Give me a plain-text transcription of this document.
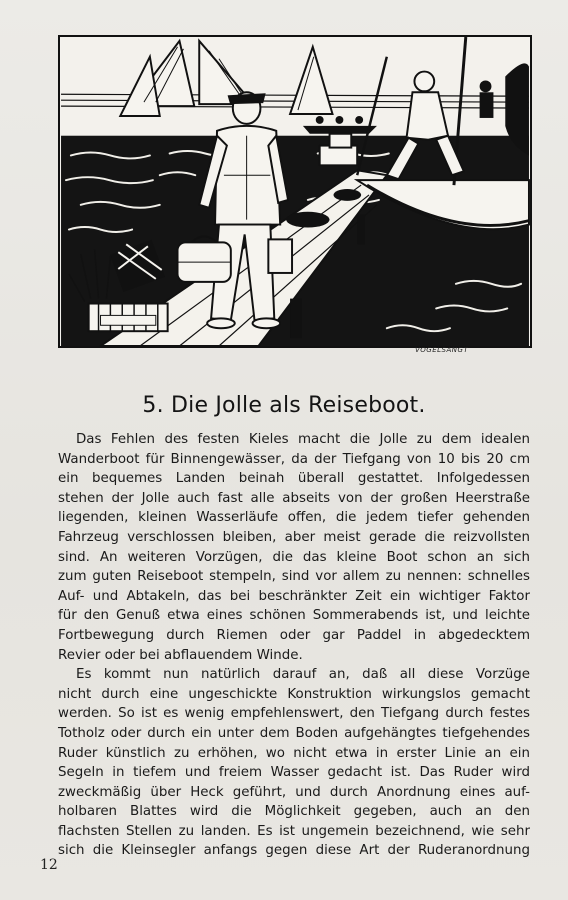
VOGELSANGT
5. Die Jolle als Reiseboot.
Das Fehlen des festen Kieles macht die Jolle zu dem idealen
Wanderboot für Binnengewässer, da der Tiefgang von 10 bis 20 cm
ein bequemes Landen beinah überall gestattet. Infolgedessen
stehen der Jolle auch fast alle abseits von der großen Heerstraße
liegenden, kleinen Wasserläufe offen, die jedem tiefer gehenden
Fahrzeug verschlossen bleiben, aber meist gerade die reizvollsten
sind. An weiteren Vorzügen, die das kleine Boot schon an sich
zum guten Reiseboot stempeln, sind vor allem zu nennen: schnelles
Auf- und Abtakeln, das bei beschränkter Zeit ein wichtiger Faktor
für den Genuß etwa eines schönen Sommerabends ist, und leichte
Fortbewegung durch Riemen oder gar Paddel in abgedecktem
Revier oder bei abflauendem Winde.
Es kommt nun natürlich darauf an, daß all diese Vorzüge
nicht durch eine ungeschickte Konstruktion wirkungslos gemacht
werden. So ist es wenig empfehlenswert, den Tiefgang durch festes
Totholz oder durch ein unter dem Boden aufgehängtes tiefgehendes
Ruder künstlich zu erhöhen, wo nicht etwa in erster Linie an ein
Segeln in tiefem und freiem Wasser gedacht ist. Das Ruder wird
zweckmäßig über Heck geführt, und durch Anordnung eines auf-
holbaren Blattes wird die Möglichkeit gegeben, auch an den
flachsten Stellen zu landen. Es ist ungemein bezeichnend, wie sehr
sich die Kleinsegler anfangs gegen diese Art der Ruderanordnung
12
